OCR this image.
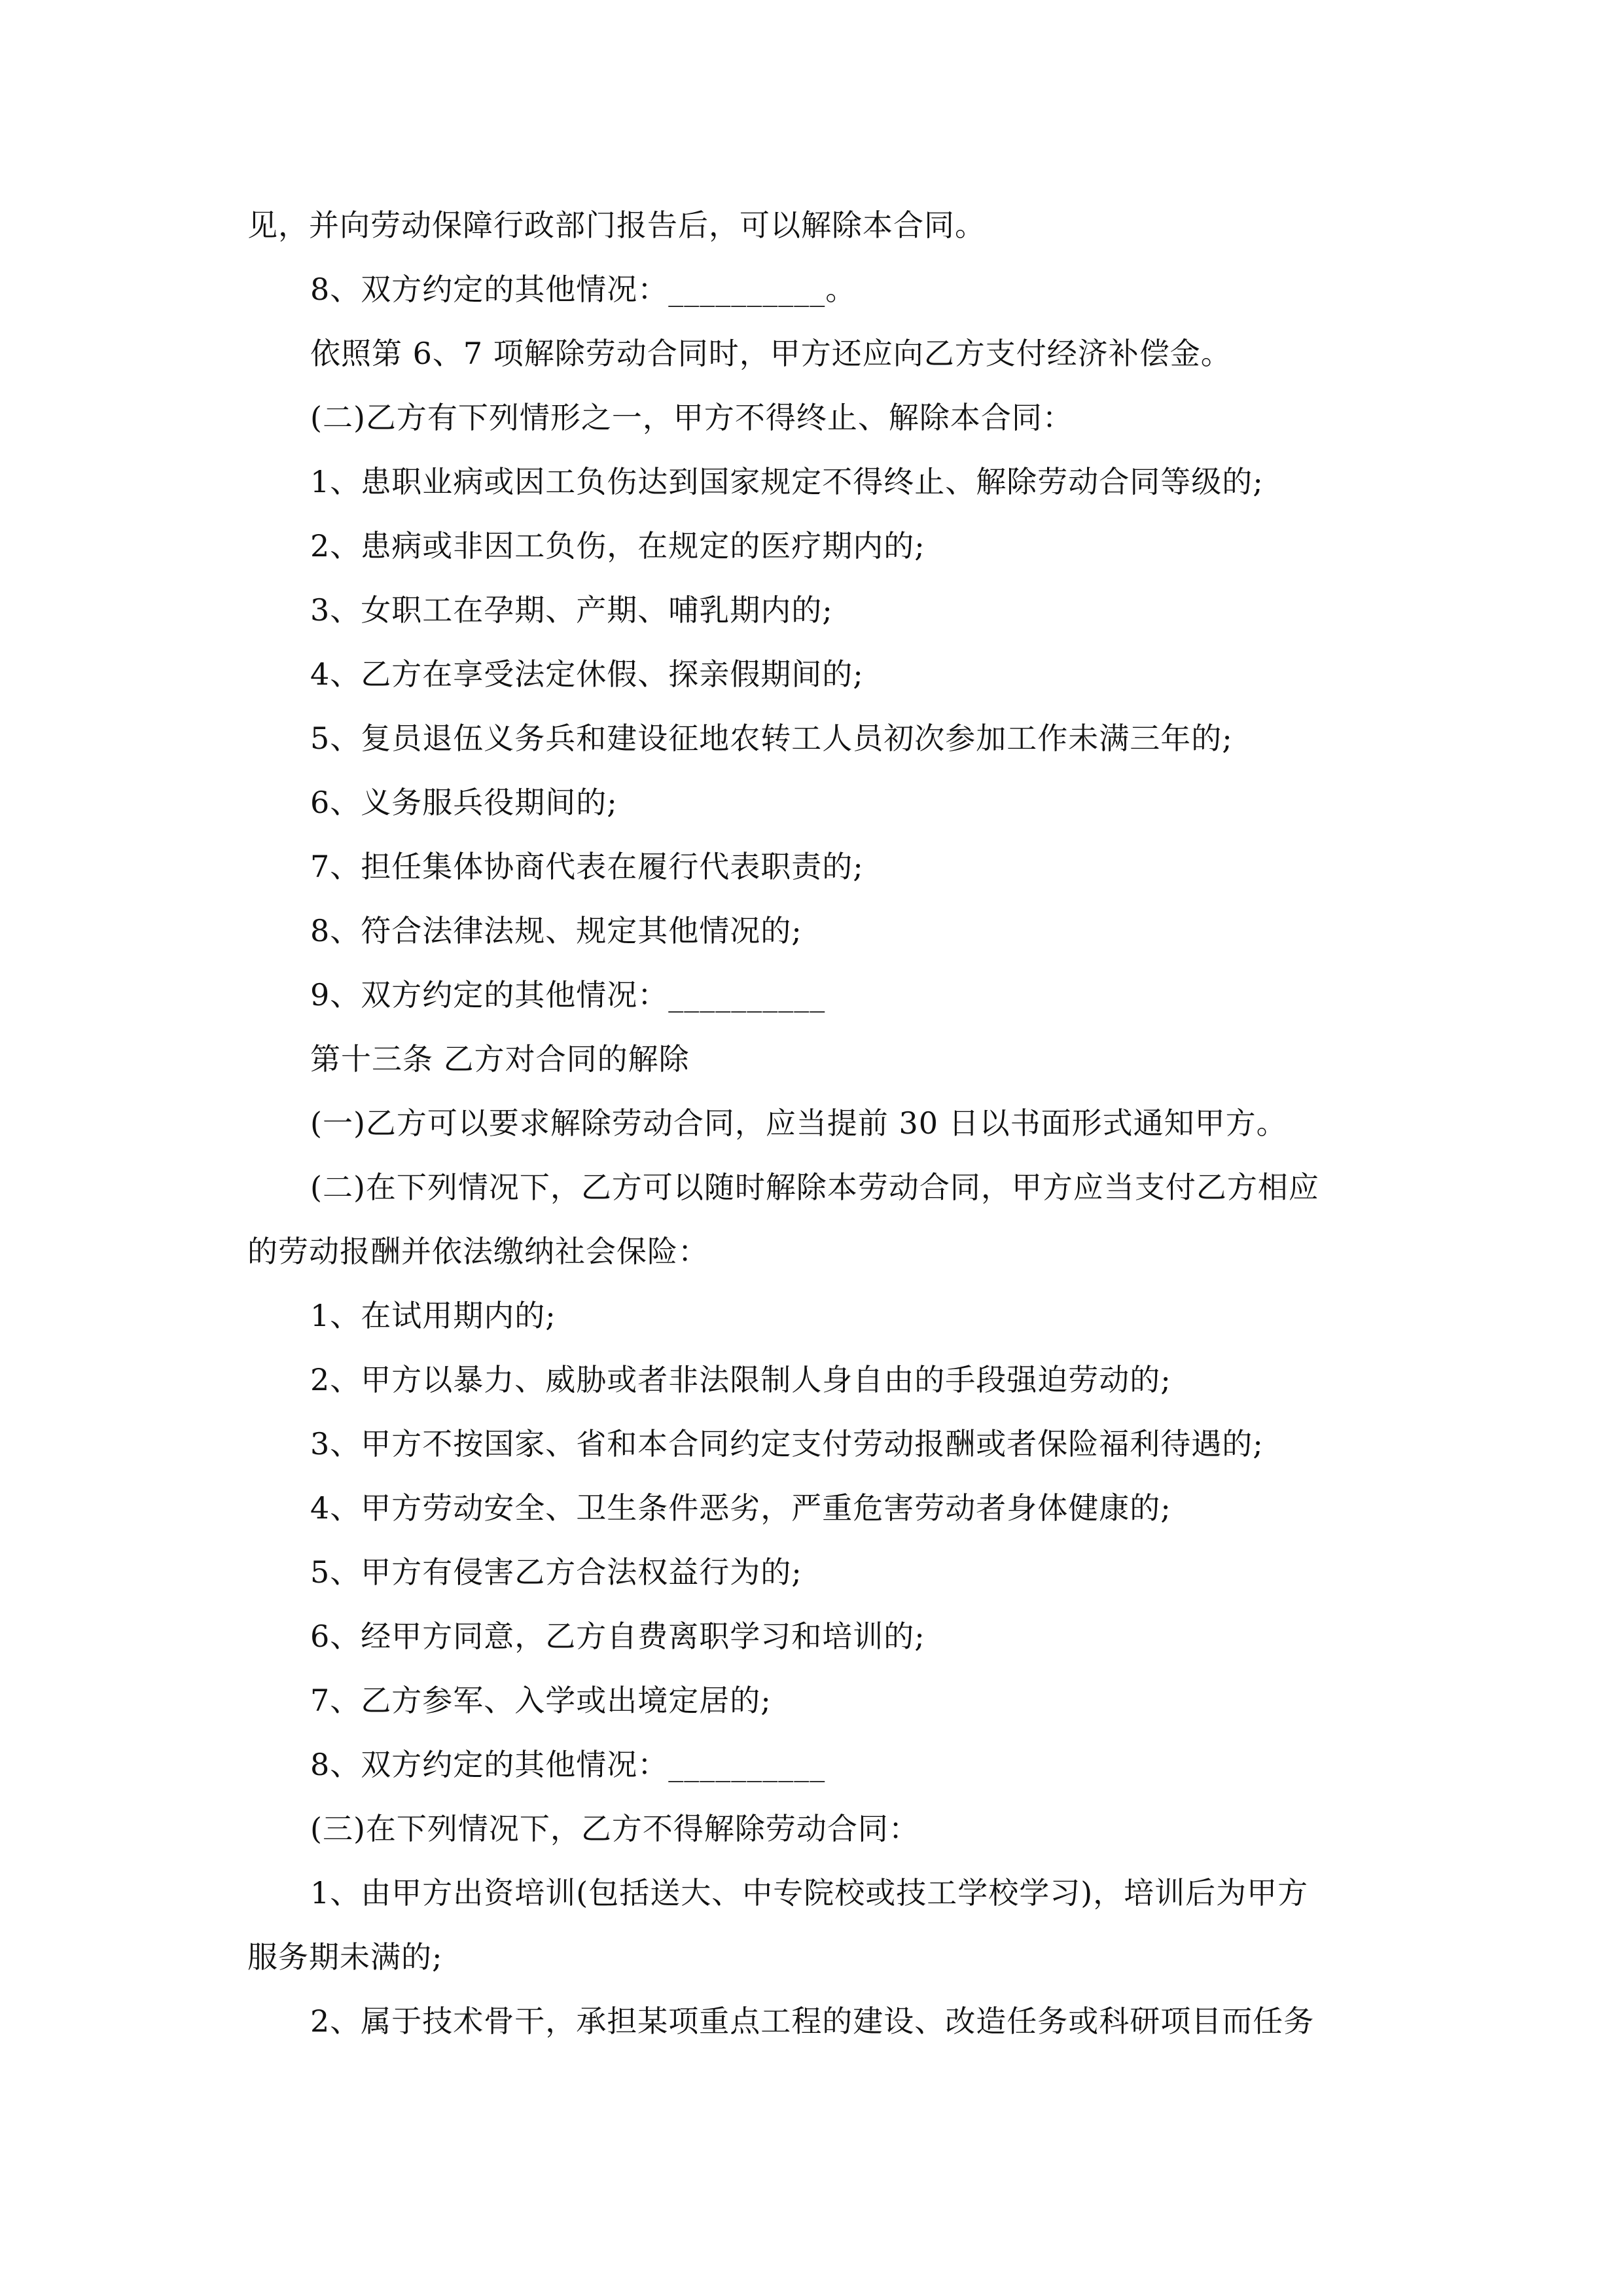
见，并向劳动保障行政部门报告后，可以解除本合同。
8、双方约定的其他情况：__________。
依照第 6、7 项解除劳动合同时，甲方还应向乙方支付经济补偿金。
(二)乙方有下列情形之一，甲方不得终止、解除本合同：
1、患职业病或因工负伤达到国家规定不得终止、解除劳动合同等级的;
2、患病或非因工负伤，在规定的医疗期内的;
3、女职工在孕期、产期、哺乳期内的;
4、乙方在享受法定休假、探亲假期间的;
5、复员退伍义务兵和建设征地农转工人员初次参加工作未满三年的;
6、义务服兵役期间的;
7、担任集体协商代表在履行代表职责的;
8、符合法律法规、规定其他情况的;
9、双方约定的其他情况：__________
第十三条 乙方对合同的解除
(一)乙方可以要求解除劳动合同，应当提前 30 日以书面形式通知甲方。
(二)在下列情况下，乙方可以随时解除本劳动合同，甲方应当支付乙方相应
的劳动报酬并依法缴纳社会保险：
1、在试用期内的;
2、甲方以暴力、威胁或者非法限制人身自由的手段强迫劳动的;
3、甲方不按国家、省和本合同约定支付劳动报酬或者保险福利待遇的;
4、甲方劳动安全、卫生条件恶劣，严重危害劳动者身体健康的;
5、甲方有侵害乙方合法权益行为的;
6、经甲方同意，乙方自费离职学习和培训的;
7、乙方参军、入学或出境定居的;
8、双方约定的其他情况：__________
(三)在下列情况下，乙方不得解除劳动合同：
1、由甲方出资培训(包括送大、中专院校或技工学校学习)，培训后为甲方
服务期未满的;
2、属于技术骨干，承担某项重点工程的建设、改造任务或科研项目而任务
